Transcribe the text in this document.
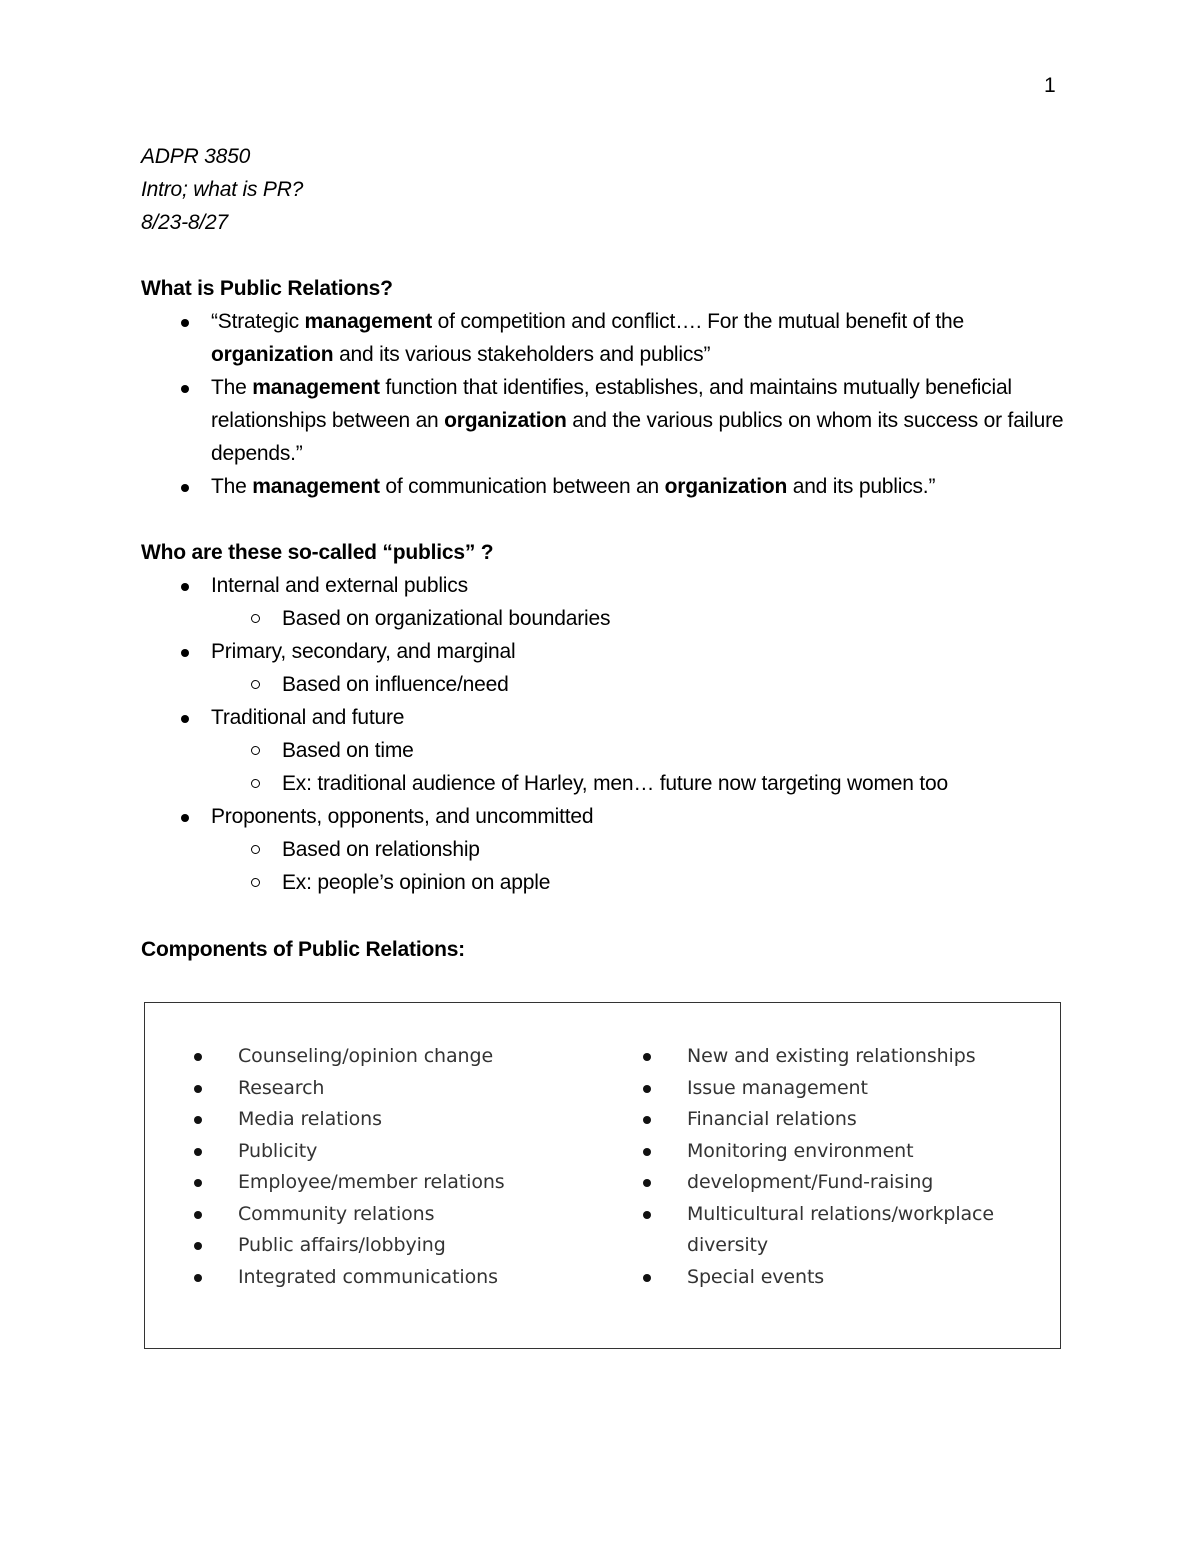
1
ADPR 3850
Intro; what is PR?
8/23-8/27
What is Public Relations?
“Strategic management of competition and conflict…. For the mutual benefit of the organization and its various stakeholders and publics”
The management function that identifies, establishes, and maintains mutually beneficial relationships between an organization and the various publics on whom its success or failure depends.”
The management of communication between an organization and its publics.”
Who are these so-called “publics” ?
Internal and external publics
Based on organizational boundaries
Primary, secondary, and marginal
Based on influence/need
Traditional and future
Based on time
Ex: traditional audience of Harley, men… future now targeting women too
Proponents, opponents, and uncommitted
Based on relationship
Ex: people’s opinion on apple
Components of Public Relations:
Counseling/opinion change
Research
Media relations
Publicity
Employee/member relations
Community relations
Public affairs/lobbying
Integrated communications
New and existing relationships
Issue management
Financial relations
Monitoring environment
development/Fund-raising
Multicultural relations/workplace diversity
Special events
